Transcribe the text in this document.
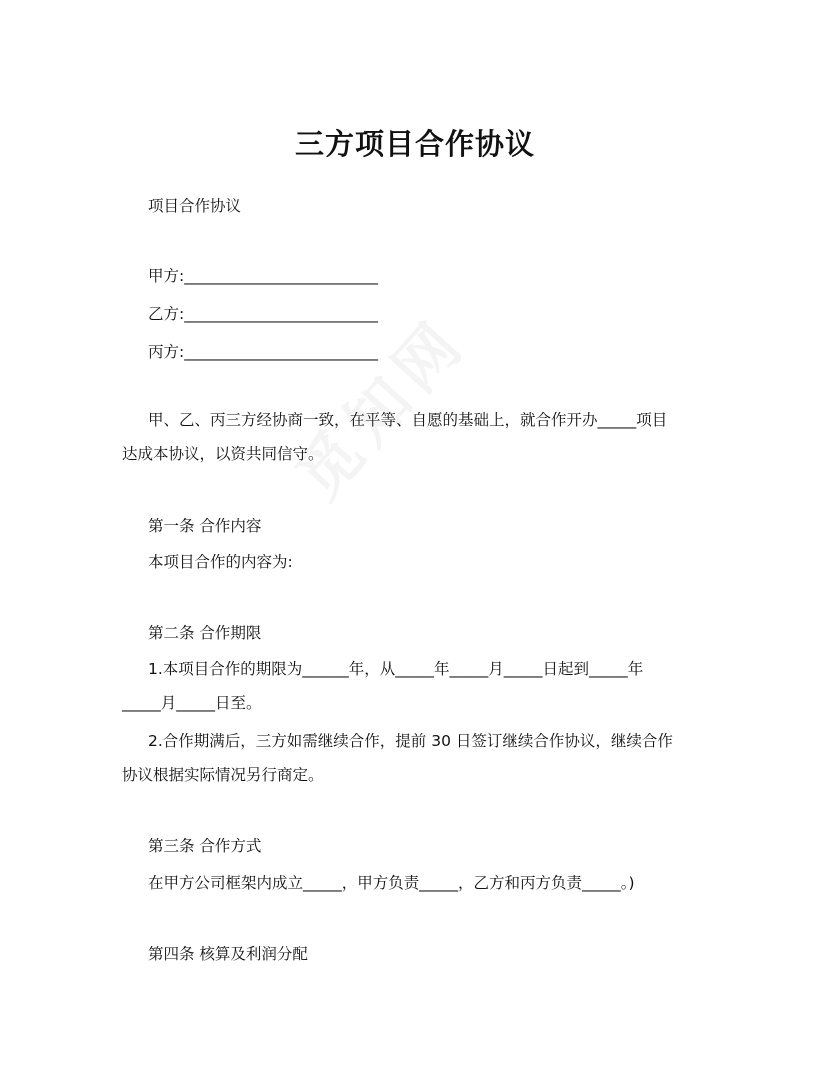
三方项目合作协议
项目合作协议
甲方:_________________________
乙方:_________________________
丙方:_________________________
甲、乙、丙三方经协商一致，在平等、自愿的基础上，就合作开办_____项目
达成本协议，以资共同信守。
第一条 合作内容
本项目合作的内容为:
第二条 合作期限
1.本项目合作的期限为______年，从_____年_____月_____日起到_____年
_____月_____日至。
2.合作期满后，三方如需继续合作，提前 30 日签订继续合作协议，继续合作
协议根据实际情况另行商定。
第三条 合作方式
在甲方公司框架内成立_____，甲方负责_____，乙方和丙方负责_____。)
第四条 核算及利润分配
